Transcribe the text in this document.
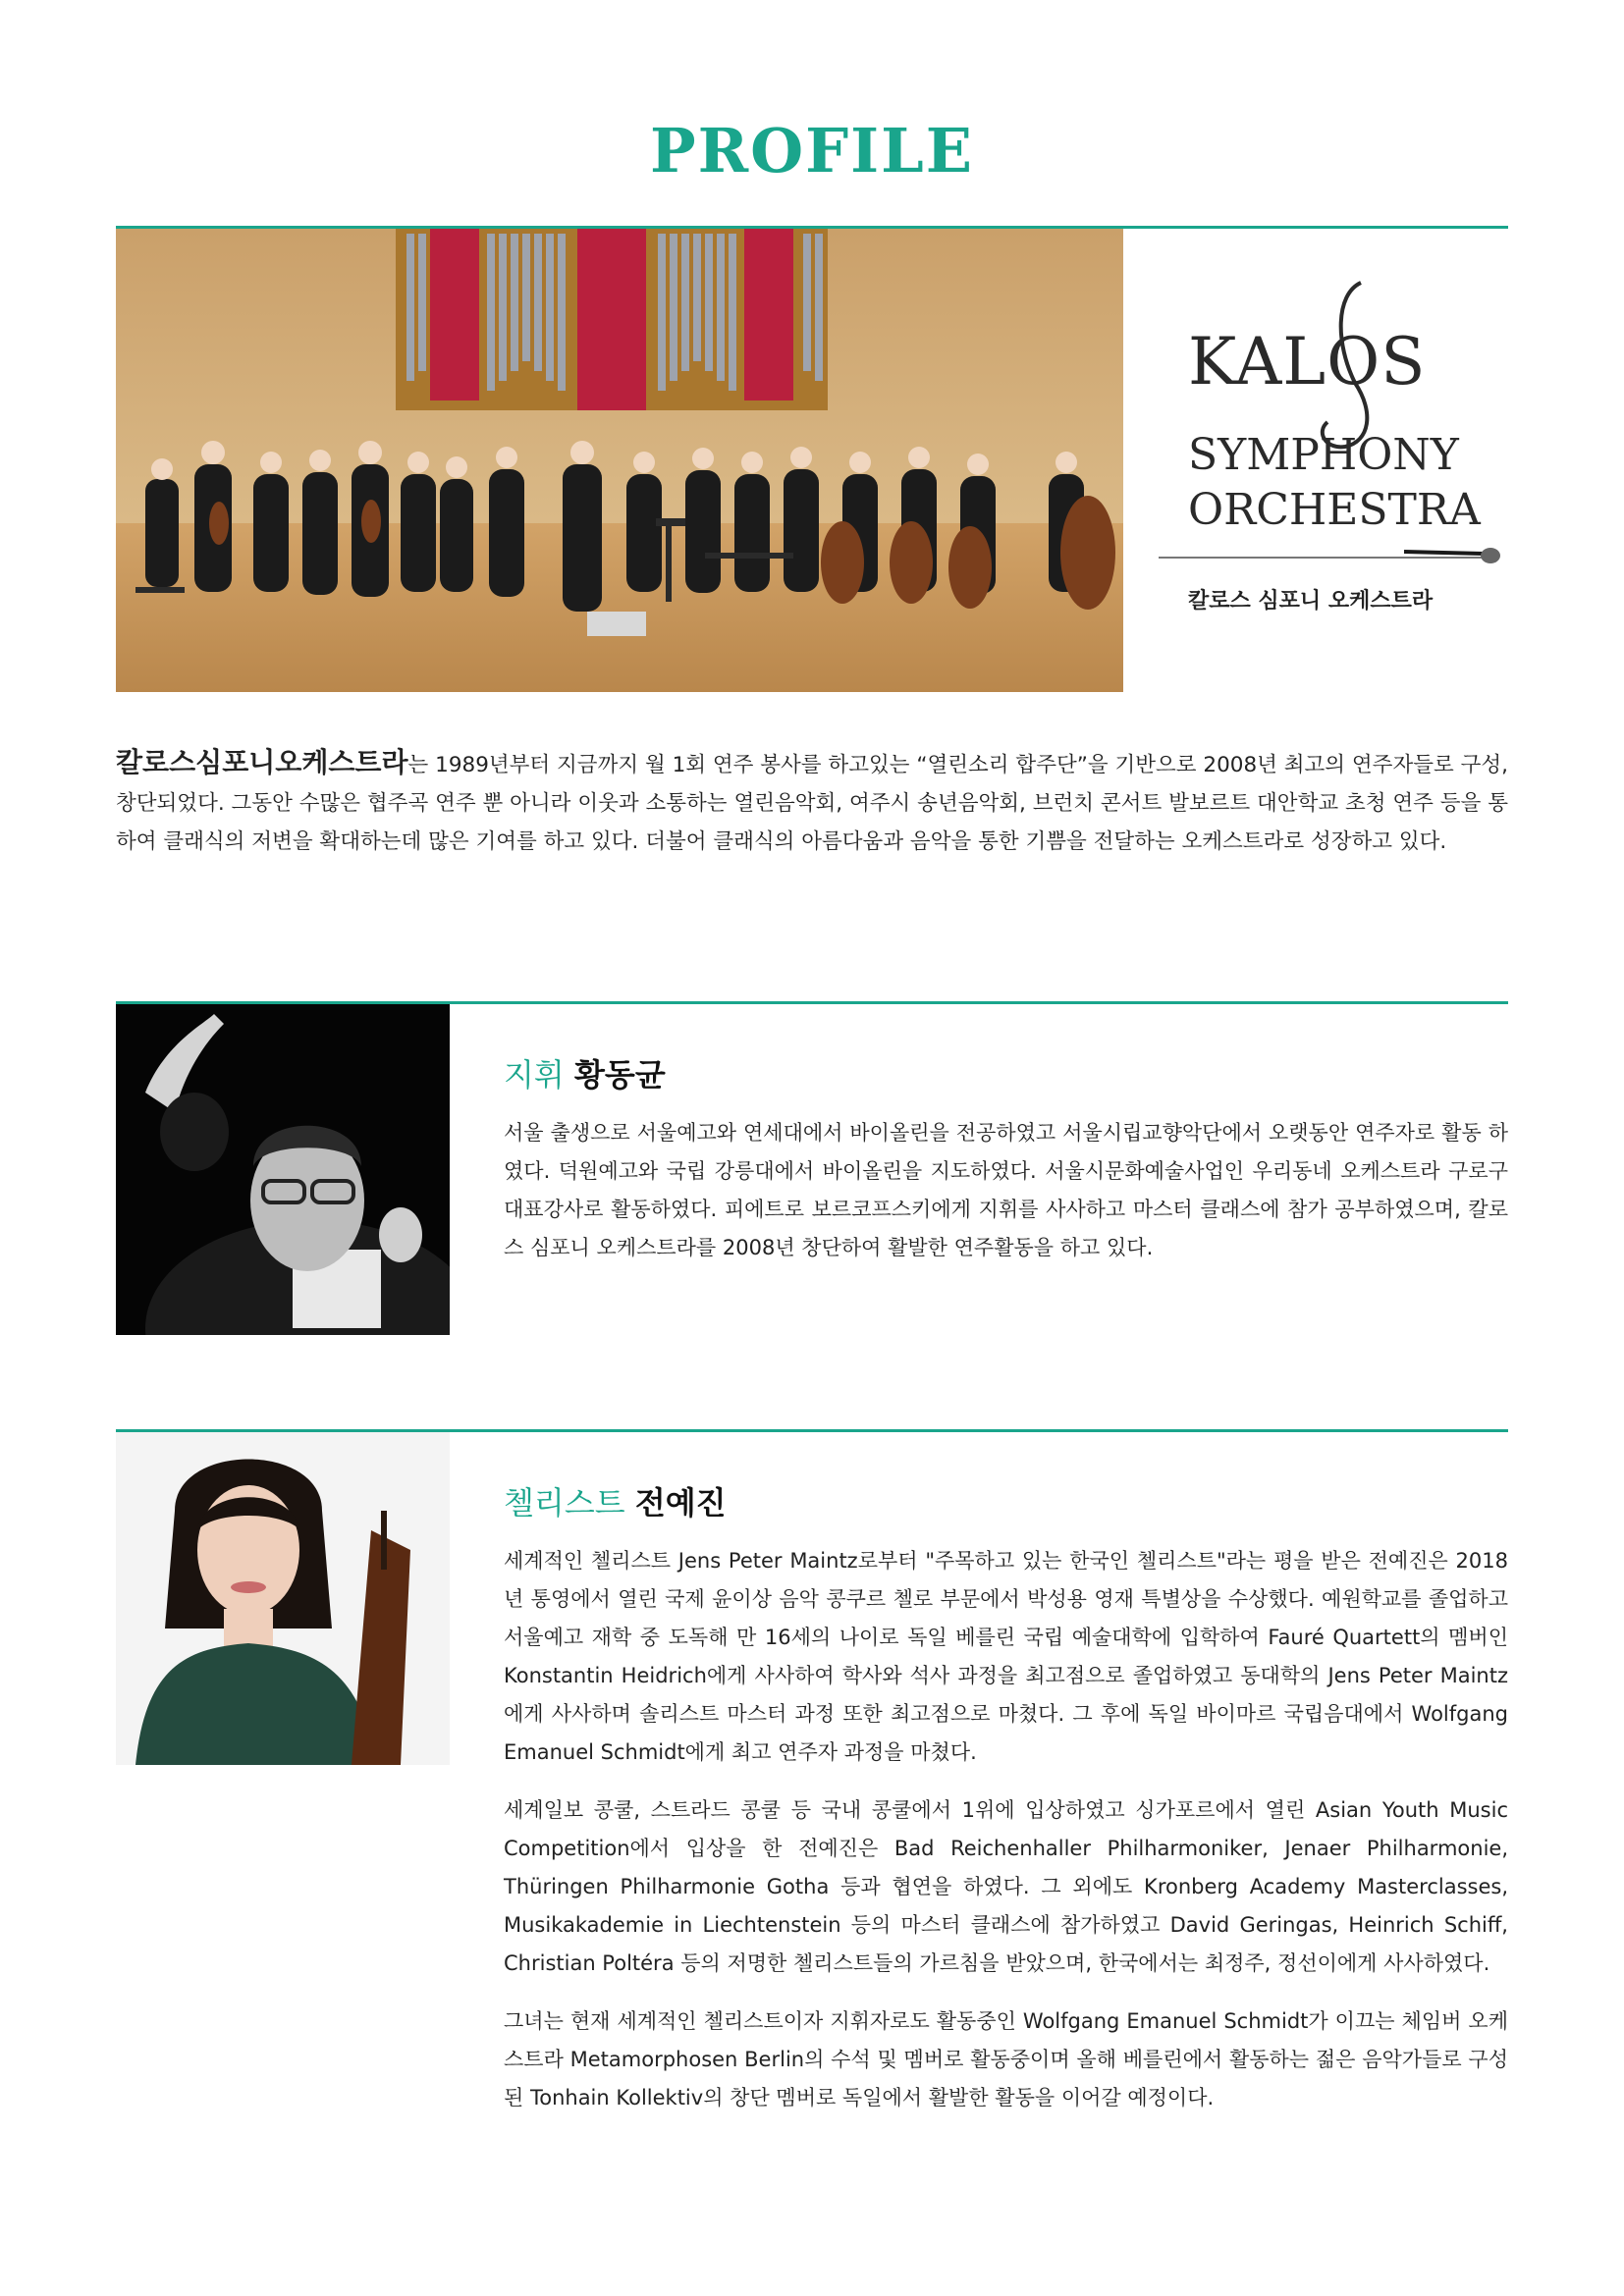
PROFILE
KALOS
SYMPHONY
ORCHESTRA
칼로스 심포니 오케스트라
칼로스심포니오케스트라는 1989년부터 지금까지 월 1회 연주 봉사를 하고있는 “열린소리 합주단”을 기반으로 2008년 최고의 연주자들로 구성, 창단되었다. 그동안 수많은 협주곡 연주 뿐 아니라 이웃과 소통하는 열린음악회, 여주시 송년음악회, 브런치 콘서트 발보르트 대안학교 초청 연주 등을 통하여 클래식의 저변을 확대하는데 많은 기여를 하고 있다. 더불어 클래식의 아름다움과 음악을 통한 기쁨을 전달하는 오케스트라로 성장하고 있다.
지휘 황동균

서울 출생으로 서울예고와 연세대에서 바이올린을 전공하였고 서울시립교향악단에서 오랫동안 연주자로 활동 하였다. 덕원예고와 국립 강릉대에서 바이올린을 지도하였다. 서울시문화예술사업인 우리동네 오케스트라 구로구 대표강사로 활동하였다. 피에트로 보르코프스키에게 지휘를 사사하고 마스터 클래스에 참가 공부하였으며, 칼로스 심포니 오케스트라를 2008년 창단하여 활발한 연주활동을 하고 있다.

첼리스트 전예진

세계적인 첼리스트 Jens Peter Maintz로부터 "주목하고 있는 한국인 첼리스트"라는 평을 받은 전예진은 2018년 통영에서 열린 국제 윤이상 음악 콩쿠르 첼로 부문에서 박성용 영재 특별상을 수상했다. 예원학교를 졸업하고 서울예고 재학 중 도독해 만 16세의 나이로 독일 베를린 국립 예술대학에 입학하여 Fauré Quartett의 멤버인 Konstantin Heidrich에게 사사하여 학사와 석사 과정을 최고점으로 졸업하였고 동대학의 Jens Peter Maintz에게 사사하며 솔리스트 마스터 과정 또한 최고점으로 마쳤다. 그 후에 독일 바이마르 국립음대에서 Wolfgang Emanuel Schmidt에게 최고 연주자 과정을 마쳤다.

세계일보 콩쿨, 스트라드 콩쿨 등 국내 콩쿨에서 1위에 입상하였고 싱가포르에서 열린 Asian Youth Music Competition에서 입상을 한 전예진은 Bad Reichenhaller Philharmoniker, Jenaer Philharmonie, Thüringen Philharmonie Gotha 등과 협연을 하였다. 그 외에도 Kronberg Academy Masterclasses, Musikakademie in Liechtenstein 등의 마스터 클래스에 참가하였고 David Geringas, Heinrich Schiff, Christian Poltéra 등의 저명한 첼리스트들의 가르침을 받았으며, 한국에서는 최정주, 정선이에게 사사하였다.

그녀는 현재 세계적인 첼리스트이자 지휘자로도 활동중인 Wolfgang Emanuel Schmidt가 이끄는 체임버 오케스트라 Metamorphosen Berlin의 수석 및 멤버로 활동중이며 올해 베를린에서 활동하는 젊은 음악가들로 구성된 Tonhain Kollektiv의 창단 멤버로 독일에서 활발한 활동을 이어갈 예정이다.
